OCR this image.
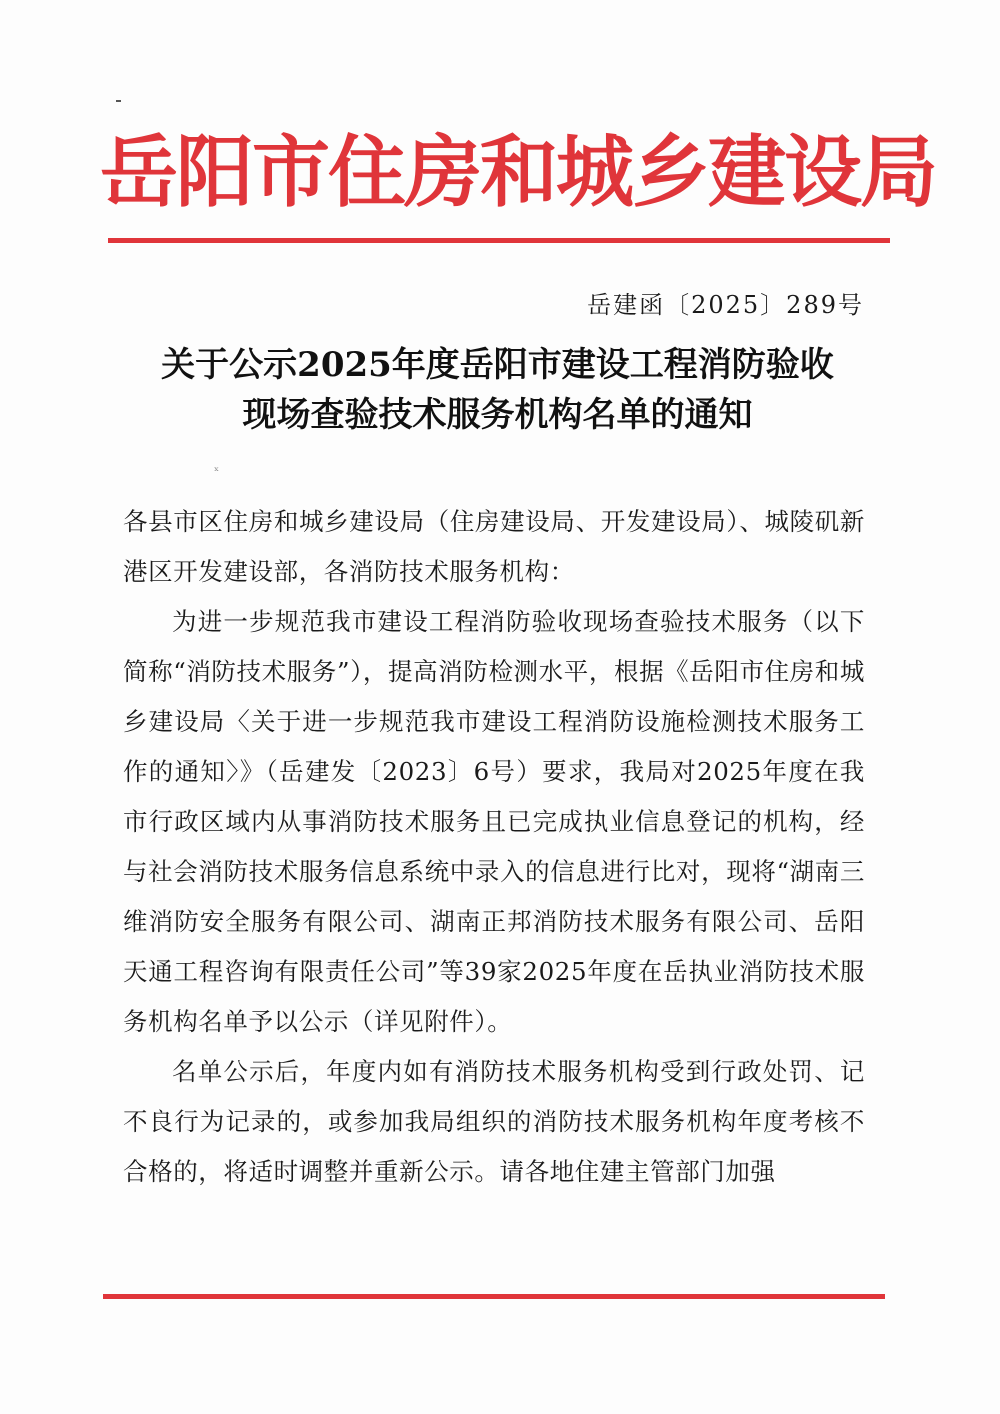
岳阳市住房和城乡建设局
岳建函〔2025〕289号
关于公示2025年度岳阳市建设工程消防验收
现场查验技术服务机构名单的通知
ₓ

各县市区住房和城乡建设局（住房建设局、开发建设局）、城陵矶新港区开发建设部，各消防技术服务机构：

为进一步规范我市建设工程消防验收现场查验技术服务（以下简称“消防技术服务”），提高消防检测水平，根据《岳阳市住房和城乡建设局〈关于进一步规范我市建设工程消防设施检测技术服务工作的通知〉》（岳建发〔2023〕6号）要求，我局对2025年度在我市行政区域内从事消防技术服务且已完成执业信息登记的机构，经与社会消防技术服务信息系统中录入的信息进行比对，现将“湖南三维消防安全服务有限公司、湖南正邦消防技术服务有限公司、岳阳天通工程咨询有限责任公司”等39家2025年度在岳执业消防技术服务机构名单予以公示（详见附件）。

名单公示后，年度内如有消防技术服务机构受到行政处罚、记不良行为记录的，或参加我局组织的消防技术服务机构年度考核不合格的，将适时调整并重新公示。请各地住建主管部门加强
